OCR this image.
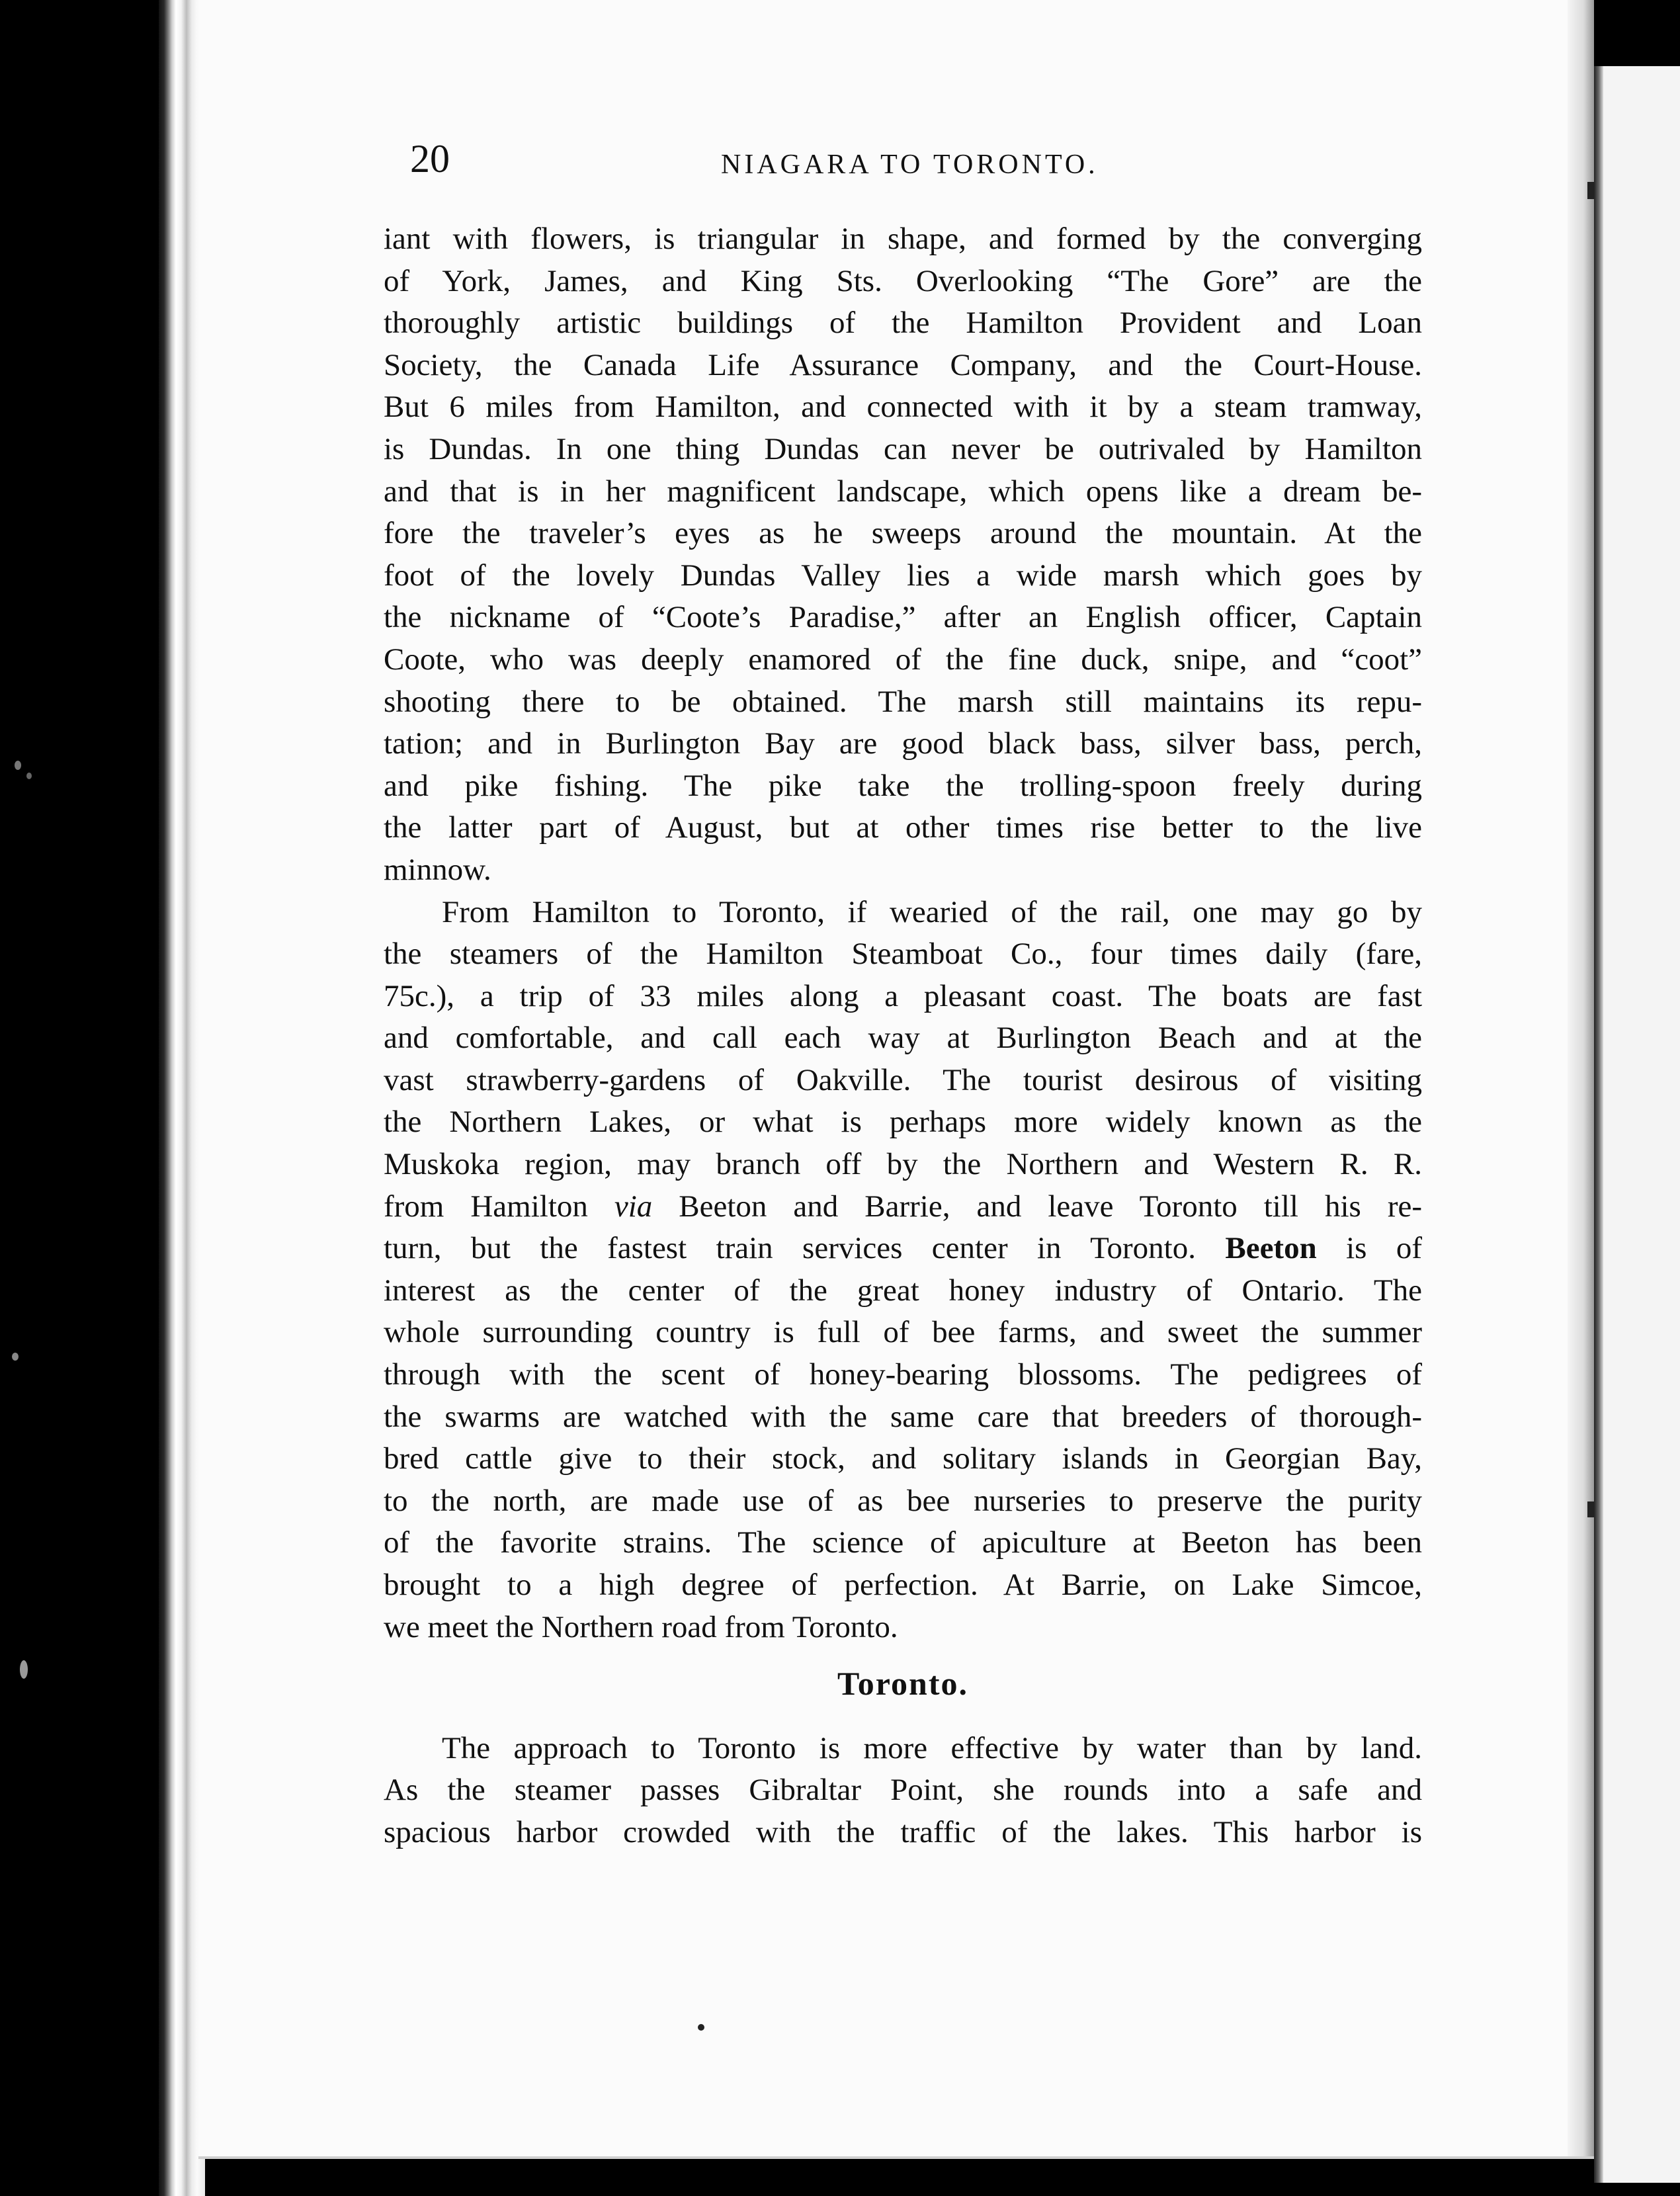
20	NIAGARA TO TORONTO.
iant with flowers, is triangular in shape, and formed by the converging
of York, James, and King Sts. Overlooking “The Gore” are the
thoroughly artistic buildings of the Hamilton Provident and Loan
Society, the Canada Life Assurance Company, and the Court-House.
But 6 miles from Hamilton, and connected with it by a steam tramway,
is Dundas. In one thing Dundas can never be outrivaled by Hamilton
and that is in her magnificent landscape, which opens like a dream be-
fore the traveler’s eyes as he sweeps around the mountain. At the
foot of the lovely Dundas Valley lies a wide marsh which goes by
the nickname of “Coote’s Paradise,” after an English officer, Captain
Coote, who was deeply enamored of the fine duck, snipe, and “coot”
shooting there to be obtained. The marsh still maintains its repu-
tation; and in Burlington Bay are good black bass, silver bass, perch,
and pike fishing. The pike take the trolling-spoon freely during
the latter part of August, but at other times rise better to the live
minnow.
From Hamilton to Toronto, if wearied of the rail, one may go by
the steamers of the Hamilton Steamboat Co., four times daily (fare,
75c.), a trip of 33 miles along a pleasant coast. The boats are fast
and comfortable, and call each way at Burlington Beach and at the
vast strawberry-gardens of Oakville. The tourist desirous of visiting
the Northern Lakes, or what is perhaps more widely known as the
Muskoka region, may branch off by the Northern and Western R. R.
from Hamilton via Beeton and Barrie, and leave Toronto till his re-
turn, but the fastest train services center in Toronto. Beeton is of
interest as the center of the great honey industry of Ontario. The
whole surrounding country is full of bee farms, and sweet the summer
through with the scent of honey-bearing blossoms. The pedigrees of
the swarms are watched with the same care that breeders of thorough-
bred cattle give to their stock, and solitary islands in Georgian Bay,
to the north, are made use of as bee nurseries to preserve the purity
of the favorite strains. The science of apiculture at Beeton has been
brought to a high degree of perfection. At Barrie, on Lake Simcoe,
we meet the Northern road from Toronto.
Toronto.
The approach to Toronto is more effective by water than by land.
As the steamer passes Gibraltar Point, she rounds into a safe and
spacious harbor crowded with the traffic of the lakes. This harbor is
